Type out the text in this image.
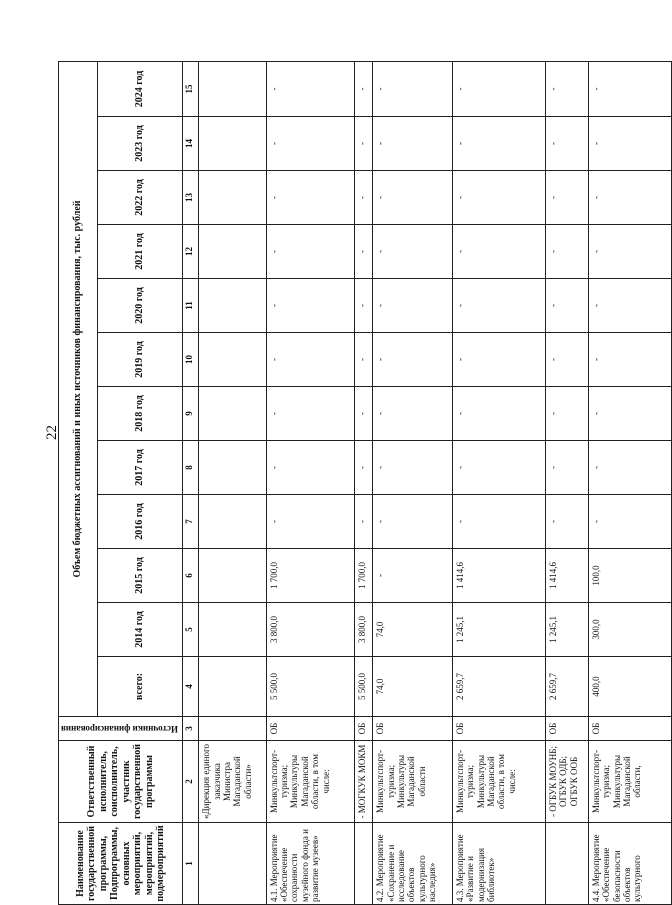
22
Наименование государственной программы, Подпрограммы, основных мероприятий, мероприятий, подмероприятий	Ответственный исполнитель, соисполнитель, участник государственной программы	Источники финансирования	Объем бюджетных ассигнований и иных источников финансирования, тыс. рублей											
			всего:	2014 год	2015 год	2016 год	2017 год	2018 год	2019 год	2020 год	2021 год	2022 год	2023 год	2024 год
1	2	3	4	5	6	7	8	9	10	11	12	13	14	15
	«Дирекция единого заказчика Министра Магаданской области»													
4.1. Мероприятие «Обеспечение сохранности музейного фонда и развитие музеев»	Минкультспорт-туризма; Минкультуры Магаданской области, в том числе:	ОБ	5 500,0	3 800,0	1 700,0	-	-	-	-	-	-	-	-	-
	- МОГКУК МОКМ	ОБ	5 500,0	3 800,0	1 700,0	-	-	-	-	-	-	-	-	-
4.2. Мероприятие «Сохранение и исследование объектов культурного наследия»	Минкультспорт-туризма; Минкультуры Магаданской области	ОБ	74,0	74,0	-	-	-	-	-	-	-	-	-	-
4.3. Мероприятие «Развитие и модернизация библиотек»	Минкультспорт-туризма; Минкультуры Магаданской области, в том числе:	ОБ	2 659,7	1 245,1	1 414,6	-	-	-	-	-	-	-	-	-
	- ОГБУК МОУНБ; ОГБУК ОДБ; ОГБУК ООБ	ОБ	2 659,7	1 245,1	1 414,6	-	-	-	-	-	-	-	-	-
4.4. Мероприятие «Обеспечение безопасности объектов культурного	Минкультспорт-туризма; Минкультуры Магаданской области,	ОБ	400,0	300,0	100,0	-	-	-	-	-	-	-	-	-
